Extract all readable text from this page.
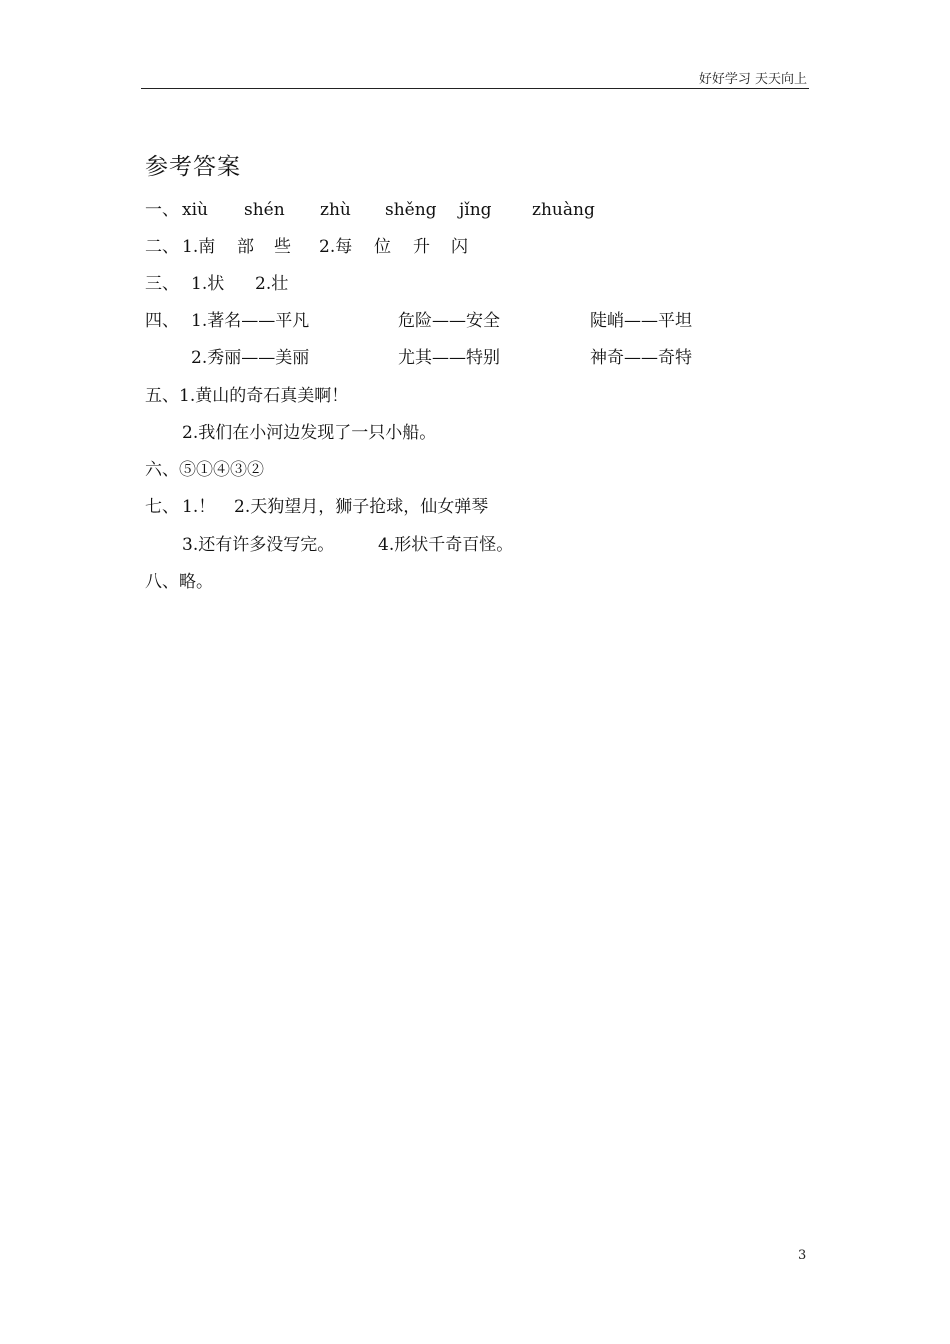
好好学习 天天向上
参考答案
一、 xiù shén zhù shěng jǐng zhuàng
二、 1.南 部 些 2.每 位 升 闪
三、 1.状 2.壮
四、 1.著名——平凡	危险——安全	陡峭——平坦
2.秀丽——美丽	尤其——特别	神奇——奇特
五、1.黄山的奇石真美啊！
2.我们在小河边发现了一只小船。
六、⑤①④③②
七、 1.！ 2.天狗望月，狮子抢球，仙女弹琴
3.还有许多没写完。	4.形状千奇百怪。
八、略。
3
